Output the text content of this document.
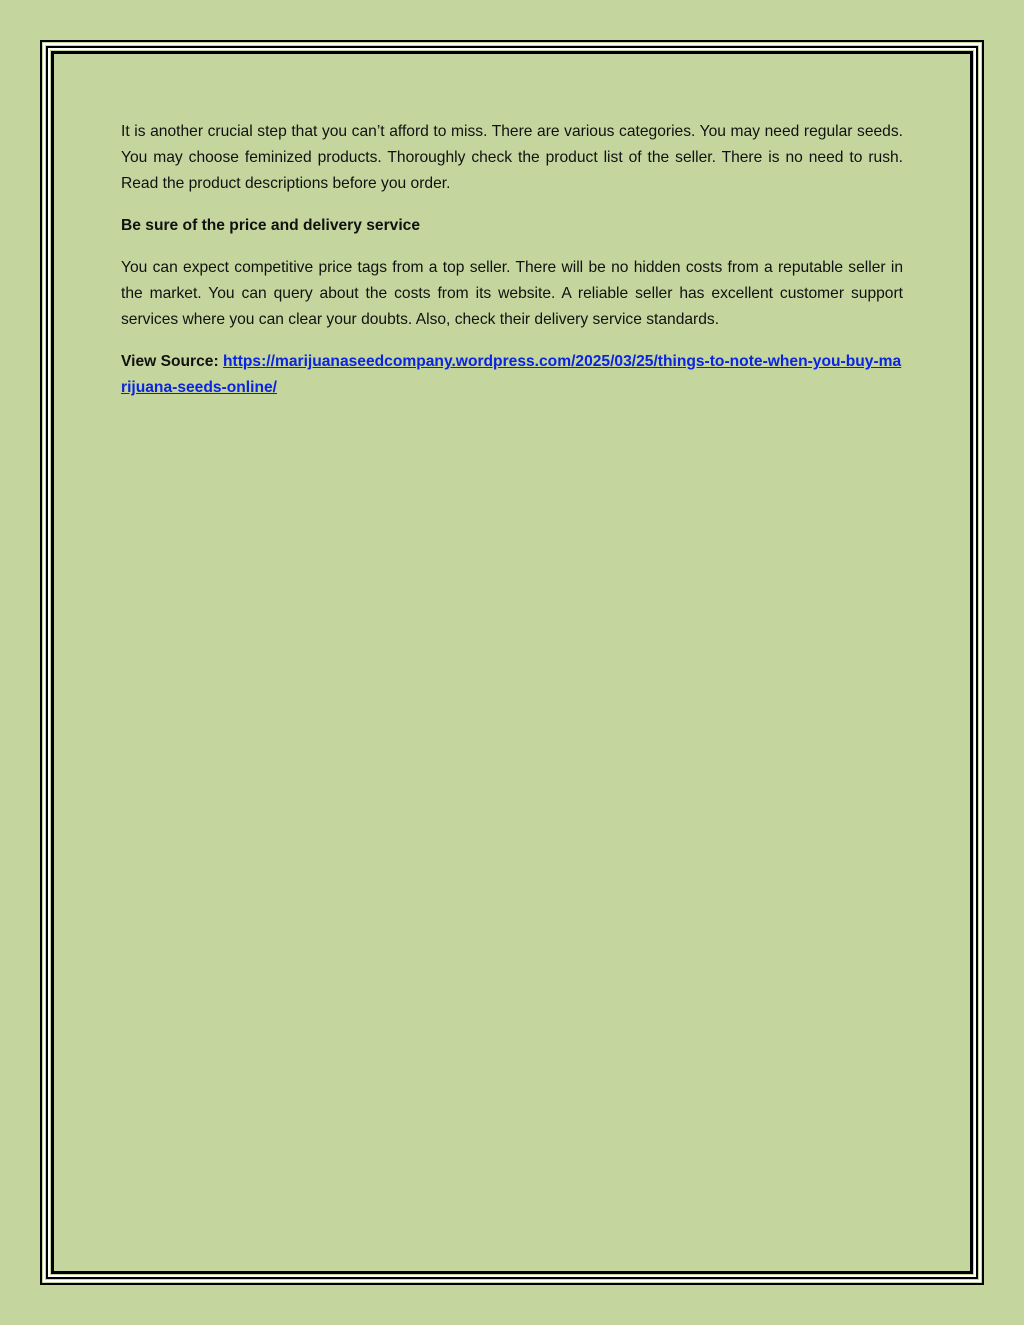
It is another crucial step that you can’t afford to miss. There are various categories. You may need regular seeds. You may choose feminized products. Thoroughly check the product list of the seller. There is no need to rush. Read the product descriptions before you order.

Be sure of the price and delivery service

You can expect competitive price tags from a top seller. There will be no hidden costs from a reputable seller in the market. You can query about the costs from its website. A reliable seller has excellent customer support services where you can clear your doubts. Also, check their delivery service standards.

View Source: https://marijuanaseedcompany.wordpress.com/2025/03/25/things-to-note-when-you-buy-marijuana-seeds-online/
